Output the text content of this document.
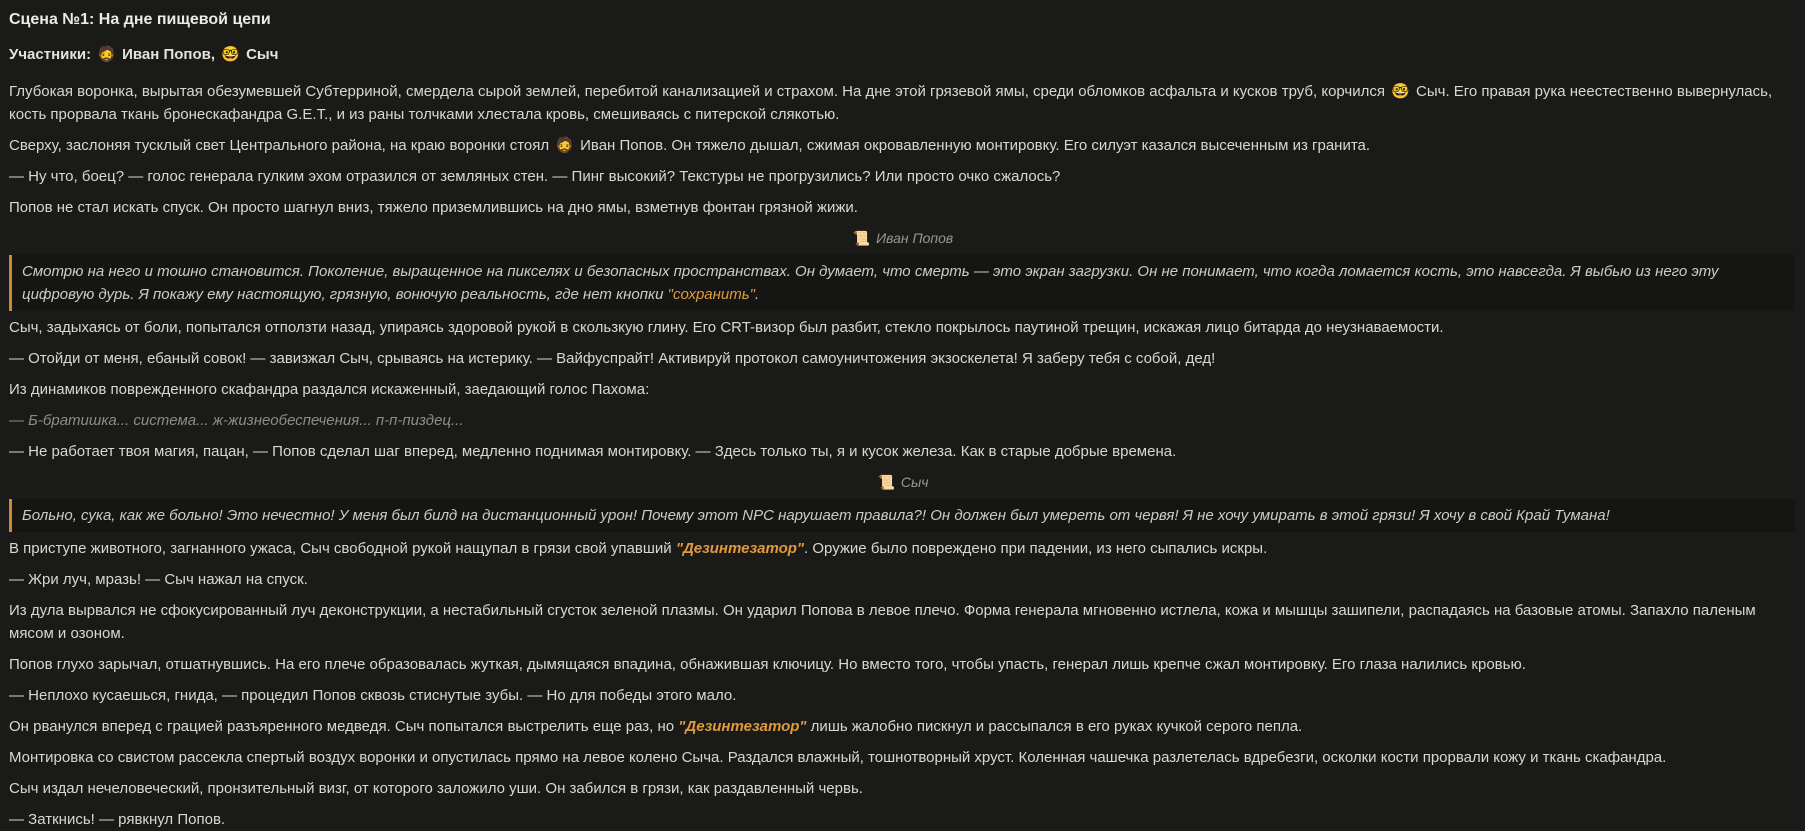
Сцена №1: На дне пищевой цепи
Участники: 🧔 Иван Попов, 🤓 Сыч

Глубокая воронка, вырытая обезумевшей Субтерриной, смердела сырой землей, перебитой канализацией и страхом. На дне этой грязевой ямы, среди обломков асфальта и кусков труб, корчился 🤓 Сыч. Его правая рука неестественно вывернулась, кость прорвала ткань бронескафандра G.E.T., и из раны толчками хлестала кровь, смешиваясь с питерской слякотью.

Сверху, заслоняя тусклый свет Центрального района, на краю воронки стоял 🧔 Иван Попов. Он тяжело дышал, сжимая окровавленную монтировку. Его силуэт казался высеченным из гранита.

— Ну что, боец? — голос генерала гулким эхом отразился от земляных стен. — Пинг высокий? Текстуры не прогрузились? Или просто очко сжалось?

Попов не стал искать спуск. Он просто шагнул вниз, тяжело приземлившись на дно ямы, взметнув фонтан грязной жижи.

📜 Иван Попов
Смотрю на него и тошно становится. Поколение, выращенное на пикселях и безопасных пространствах. Он думает, что смерть — это экран загрузки. Он не понимает, что когда ломается кость, это навсегда. Я выбью из него эту цифровую дурь. Я покажу ему настоящую, грязную, вонючую реальность, где нет кнопки "сохранить".

Сыч, задыхаясь от боли, попытался отползти назад, упираясь здоровой рукой в скользкую глину. Его CRT-визор был разбит, стекло покрылось паутиной трещин, искажая лицо битарда до неузнаваемости.

— Отойди от меня, ебаный совок! — завизжал Сыч, срываясь на истерику. — Вайфуспрайт! Активируй протокол самоуничтожения экзоскелета! Я заберу тебя с собой, дед!

Из динамиков поврежденного скафандра раздался искаженный, заедающий голос Пахома:

— Б-братишка... система... ж-жизнеобеспечения... п-п-пиздец...

— Не работает твоя магия, пацан, — Попов сделал шаг вперед, медленно поднимая монтировку. — Здесь только ты, я и кусок железа. Как в старые добрые времена.

📜 Сыч
Больно, сука, как же больно! Это нечестно! У меня был билд на дистанционный урон! Почему этот NPC нарушает правила?! Он должен был умереть от червя! Я не хочу умирать в этой грязи! Я хочу в свой Край Тумана!

В приступе животного, загнанного ужаса, Сыч свободной рукой нащупал в грязи свой упавший "Дезинтезатор". Оружие было повреждено при падении, из него сыпались искры.

— Жри луч, мразь! — Сыч нажал на спуск.

Из дула вырвался не сфокусированный луч деконструкции, а нестабильный сгусток зеленой плазмы. Он ударил Попова в левое плечо. Форма генерала мгновенно истлела, кожа и мышцы зашипели, распадаясь на базовые атомы. Запахло паленым мясом и озоном.

Попов глухо зарычал, отшатнувшись. На его плече образовалась жуткая, дымящаяся впадина, обнажившая ключицу. Но вместо того, чтобы упасть, генерал лишь крепче сжал монтировку. Его глаза налились кровью.

— Неплохо кусаешься, гнида, — процедил Попов сквозь стиснутые зубы. — Но для победы этого мало.

Он рванулся вперед с грацией разъяренного медведя. Сыч попытался выстрелить еще раз, но "Дезинтезатор" лишь жалобно пискнул и рассыпался в его руках кучкой серого пепла.

Монтировка со свистом рассекла спертый воздух воронки и опустилась прямо на левое колено Сыча. Раздался влажный, тошнотворный хруст. Коленная чашечка разлетелась вдребезги, осколки кости прорвали кожу и ткань скафандра.

Сыч издал нечеловеческий, пронзительный визг, от которого заложило уши. Он забился в грязи, как раздавленный червь.

— Заткнись! — рявкнул Попов.
